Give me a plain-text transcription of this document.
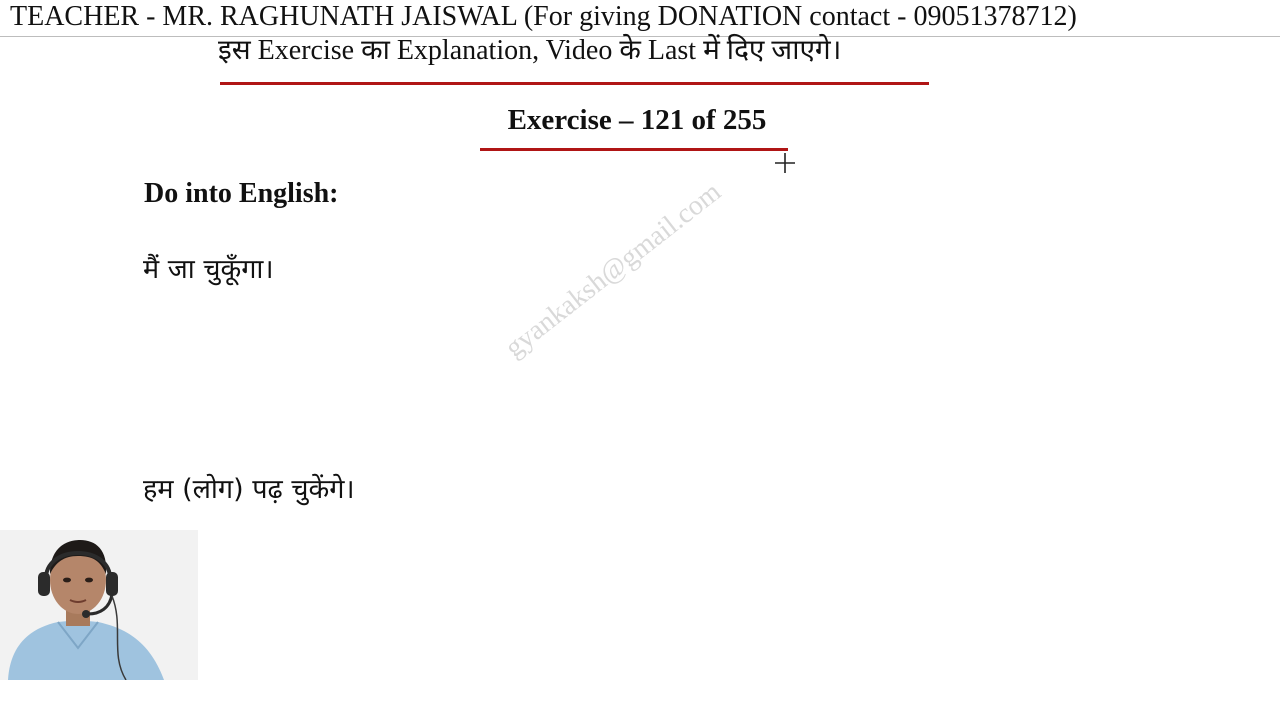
TEACHER - MR. RAGHUNATH JAISWAL (For giving DONATION contact - 09051378712)
इस Exercise का Explanation, Video के Last में दिए जाएगे।
Exercise – 121 of 255
Do into English:
मैं जा चुकूँगा।
हम (लोग) पढ़ चुकेंगे।
gyankaksh@gmail.com
